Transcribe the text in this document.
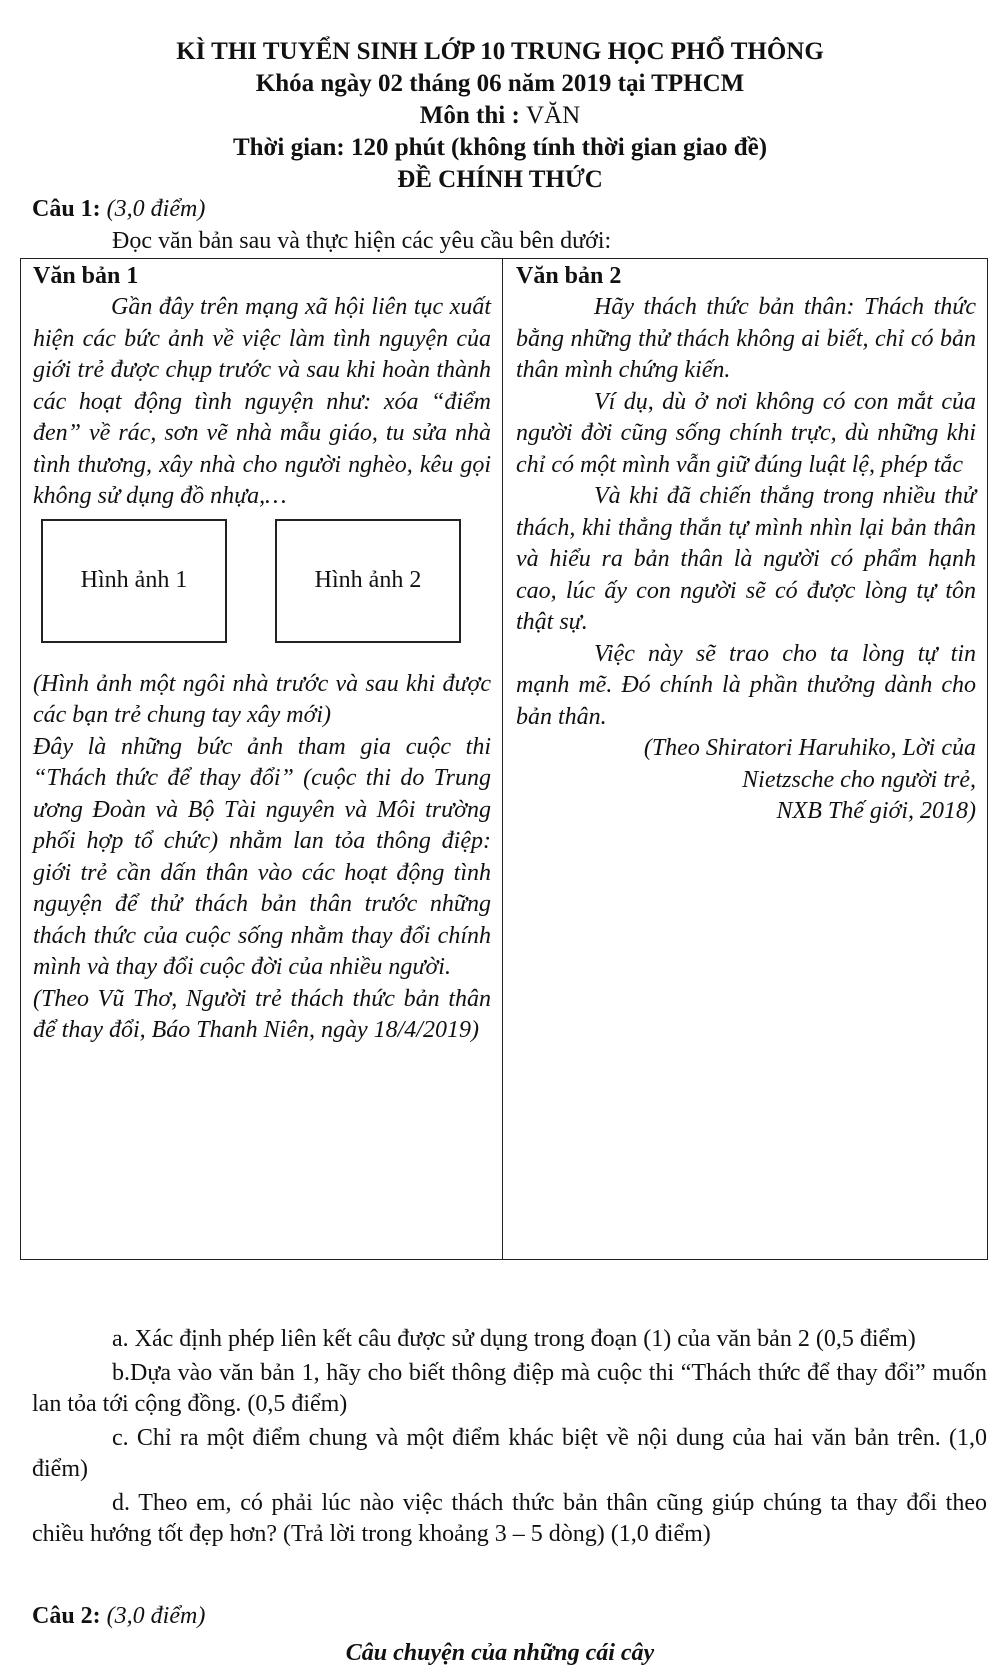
KÌ THI TUYỂN SINH LỚP 10 TRUNG HỌC PHỔ THÔNG
Khóa ngày 02 tháng 06 năm 2019 tại TPHCM
Môn thi : VĂN
Thời gian: 120 phút (không tính thời gian giao đề)
ĐỀ CHÍNH THỨC
Câu 1: (3,0 điểm)
Đọc văn bản sau và thực hiện các yêu cầu bên dưới:
Văn bản 1

Gần đây trên mạng xã hội liên tục xuất hiện các bức ảnh về việc làm tình nguyện của giới trẻ được chụp trước và sau khi hoàn thành các hoạt động tình nguyện như: xóa “điểm đen” về rác, sơn vẽ nhà mẫu giáo, tu sửa nhà tình thương, xây nhà cho người nghèo, kêu gọi không sử dụng đồ nhựa,…

Hình ảnh 1	Hình ảnh 2

(Hình ảnh một ngôi nhà trước và sau khi được các bạn trẻ chung tay xây mới)

Đây là những bức ảnh tham gia cuộc thi “Thách thức để thay đổi” (cuộc thi do Trung ương Đoàn và Bộ Tài nguyên và Môi trường phối hợp tổ chức) nhằm lan tỏa thông điệp: giới trẻ cần dấn thân vào các hoạt động tình nguyện để thử thách bản thân trước những thách thức của cuộc sống nhằm thay đổi chính mình và thay đổi cuộc đời của nhiều người.

(Theo Vũ Thơ, Người trẻ thách thức bản thân để thay đổi, Báo Thanh Niên, ngày 18/4/2019)

Văn bản 2

Hãy thách thức bản thân: Thách thức bằng những thử thách không ai biết, chỉ có bản thân mình chứng kiến.

Ví dụ, dù ở nơi không có con mắt của người đời cũng sống chính trực, dù những khi chỉ có một mình vẫn giữ đúng luật lệ, phép tắc

Và khi đã chiến thắng trong nhiều thử thách, khi thẳng thắn tự mình nhìn lại bản thân và hiểu ra bản thân là người có phẩm hạnh cao, lúc ấy con người sẽ có được lòng tự tôn thật sự.

Việc này sẽ trao cho ta lòng tự tin mạnh mẽ. Đó chính là phần thưởng dành cho bản thân.

(Theo Shiratori Haruhiko, Lời của

Nietzsche cho người trẻ,

NXB Thế giới, 2018)

a. Xác định phép liên kết câu được sử dụng trong đoạn (1) của văn bản 2 (0,5 điểm)

b.Dựa vào văn bản 1, hãy cho biết thông điệp mà cuộc thi “Thách thức để thay đổi” muốn lan tỏa tới cộng đồng. (0,5 điểm)

c. Chỉ ra một điểm chung và một điểm khác biệt về nội dung của hai văn bản trên. (1,0 điểm)

d. Theo em, có phải lúc nào việc thách thức bản thân cũng giúp chúng ta thay đổi theo chiều hướng tốt đẹp hơn? (Trả lời trong khoảng 3 – 5 dòng) (1,0 điểm)

Câu 2: (3,0 điểm)
Câu chuyện của những cái cây
